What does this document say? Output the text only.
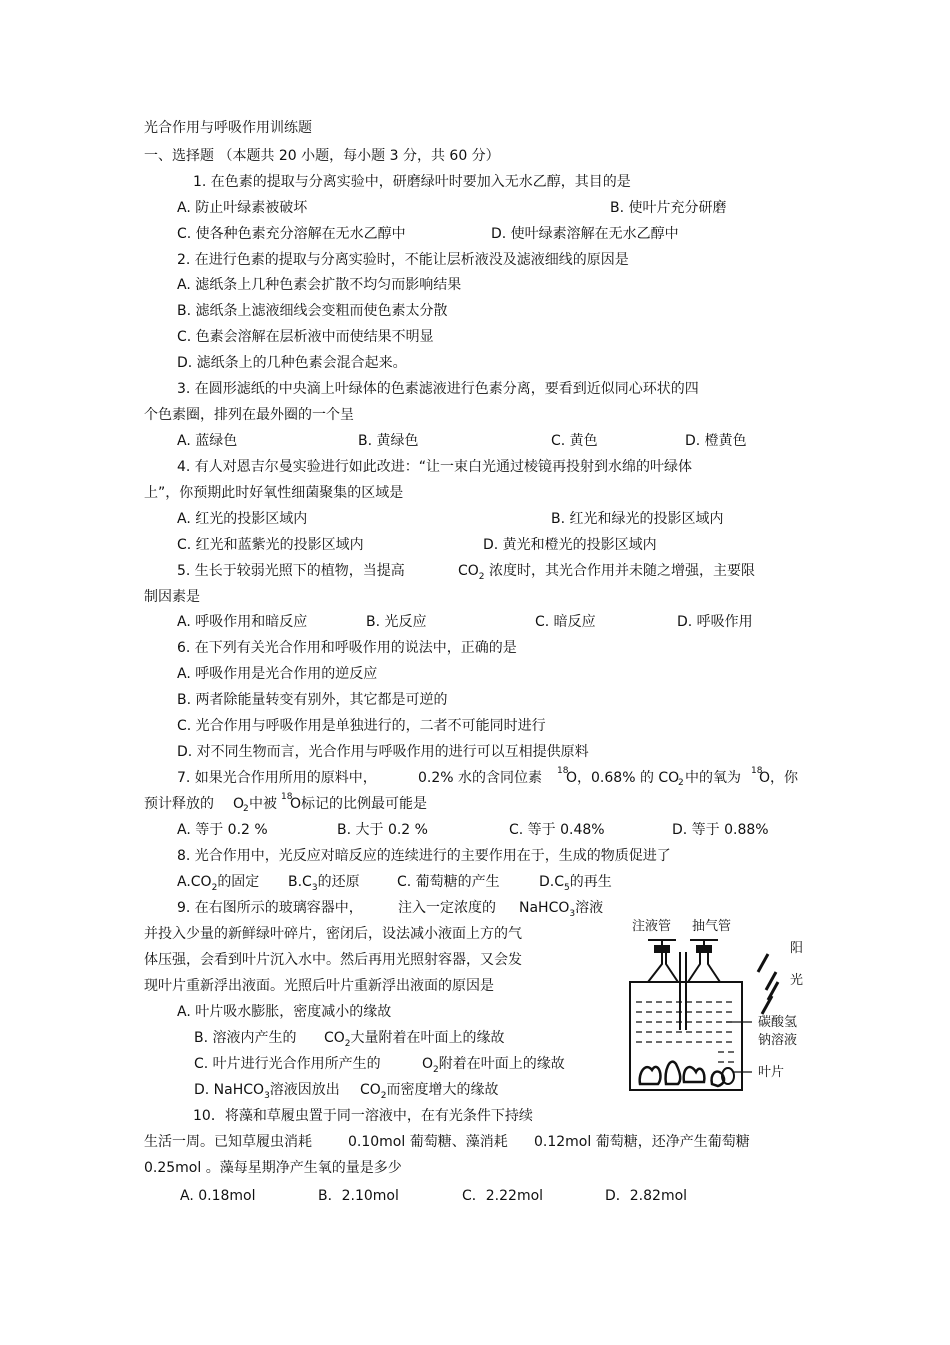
光合作用与呼吸作用训练题
一、选择题 （本题共 20 小题，每小题 3 分，共 60 分）
1. 在色素的提取与分离实验中，研磨绿叶时要加入无水乙醇，其目的是
A. 防止叶绿素被破坏	B. 使叶片充分研磨
C. 使各种色素充分溶解在无水乙醇中	D. 使叶绿素溶解在无水乙醇中
2. 在进行色素的提取与分离实验时，不能让层析液没及滤液细线的原因是
A. 滤纸条上几种色素会扩散不均匀而影响结果
B. 滤纸条上滤液细线会变粗而使色素太分散
C. 色素会溶解在层析液中而使结果不明显
D. 滤纸条上的几种色素会混合起来。
3. 在圆形滤纸的中央滴上叶绿体的色素滤液进行色素分离，要看到近似同心环状的四
个色素圈，排列在最外圈的一个呈
A. 蓝绿色	B. 黄绿色	C. 黄色	D. 橙黄色
4. 有人对恩吉尔曼实验进行如此改进：“让一束白光通过棱镜再投射到水绵的叶绿体
上”，你预期此时好氧性细菌聚集的区域是
A. 红光的投影区域内	B. 红光和绿光的投影区域内
C. 红光和蓝紫光的投影区域内	D. 黄光和橙光的投影区域内
5. 生长于较弱光照下的植物，当提高	$CO_2$ 浓度时，其光合作用并未随之增强，主要限
制因素是
A. 呼吸作用和暗反应	B. 光反应	C. 暗反应	D. 呼吸作用
6. 在下列有关光合作用和呼吸作用的说法中，正确的是
A. 呼吸作用是光合作用的逆反应
B. 两者除能量转变有别外，其它都是可逆的
C. 光合作用与呼吸作用是单独进行的，二者不可能同时进行
D. 对不同生物而言，光合作用与呼吸作用的进行可以互相提供原料
7. 如果光合作用所用的原料中，	0.2% 水的含同位素 18
O，0.68% 的 CO
2 中的氧为 18
O，你
预计释放的 O
2 中被 18
O标记的比例最可能是
A. 等于 0.2 %	B. 大于 0.2 %	C. 等于 0.48%	D. 等于 0.88%
8. 光合作用中，光反应对暗反应的连续进行的主要作用在于，生成的物质促进了
$A.CO_2$的固定 $B.C_3$的还原	C. 葡萄糖的产生	$D.C_5$的再生
9. 在右图所示的玻璃容器中，	注入一定浓度的 NaHCO$_3$溶液
并投入少量的新鲜绿叶碎片，密闭后，设法减小液面上方的气
体压强，会看到叶片沉入水中。然后再用光照射容器，又会发
现叶片重新浮出液面。光照后叶片重新浮出液面的原因是
A. 叶片吸水膨胀，密度减小的缘故
B. 溶液内产生的 $CO_2$大量附着在叶面上的缘故
C. 叶片进行光合作用所产生的	$O_2$附着在叶面上的缘故
D. NaHCO$_3$溶液因放出 $CO_2$而密度增大的缘故
注液管 抽气管
碳酸氢
钠溶液
叶片
阳
光
10．将藻和草履虫置于同一溶液中，在有光条件下持续
生活一周。已知草履虫消耗	0.10mol 葡萄糖、藻消耗 0.12mol 葡萄糖，还净产生葡萄糖
0.25mol 。藻每星期净产生氧的量是多少
A. 0.18mol	B．2.10mol	C．2.22mol	D．2.82mol
